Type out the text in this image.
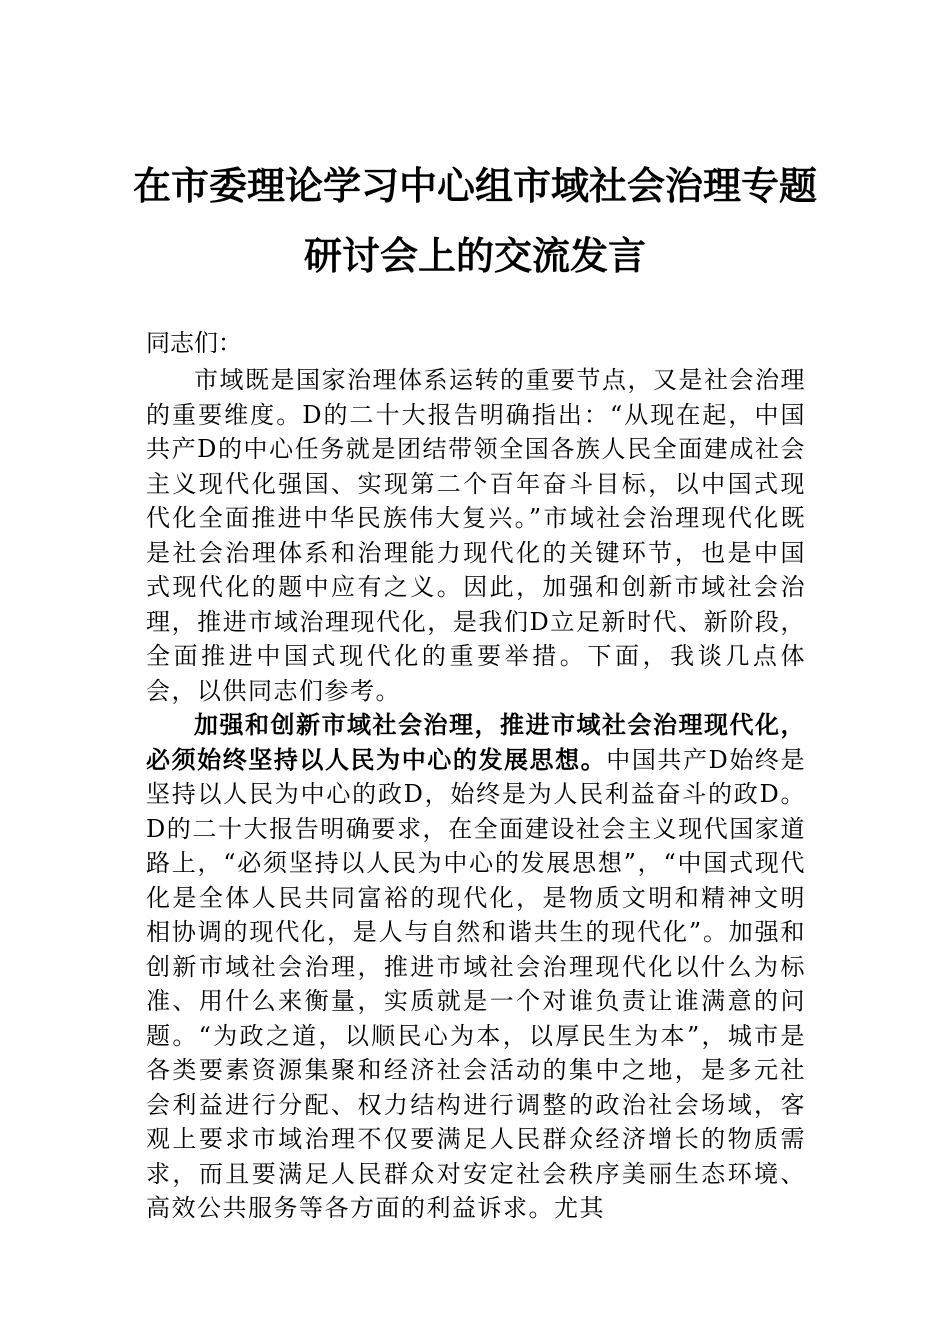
在市委理论学习中心组市域社会治理专题
研讨会上的交流发言
同志们：

市域既是国家治理体系运转的重要节点，又是社会治理的重要维度。D的二十大报告明确指出：“从现在起，中国共产D的中心任务就是团结带领全国各族人民全面建成社会主义现代化强国、实现第二个百年奋斗目标，以中国式现代化全面推进中华民族伟大复兴。”市域社会治理现代化既是社会治理体系和治理能力现代化的关键环节，也是中国式现代化的题中应有之义。因此，加强和创新市域社会治理，推进市域治理现代化，是我们D立足新时代、新阶段，全面推进中国式现代化的重要举措。下面，我谈几点体会，以供同志们参考。

加强和创新市域社会治理，推进市域社会治理现代化，必须始终坚持以人民为中心的发展思想。中国共产D始终是坚持以人民为中心的政D，始终是为人民利益奋斗的政D。D的二十大报告明确要求，在全面建设社会主义现代国家道路上，“必须坚持以人民为中心的发展思想”，“中国式现代化是全体人民共同富裕的现代化，是物质文明和精神文明相协调的现代化，是人与自然和谐共生的现代化”。加强和创新市域社会治理，推进市域社会治理现代化以什么为标准、用什么来衡量，实质就是一个对谁负责让谁满意的问题。“为政之道，以顺民心为本，以厚民生为本”，城市是各类要素资源集聚和经济社会活动的集中之地，是多元社会利益进行分配、权力结构进行调整的政治社会场域，客观上要求市域治理不仅要满足人民群众经济增长的物质需求，而且要满足人民群众对安定社会秩序美丽生态环境、高效公共服务等各方面的利益诉求。尤其
